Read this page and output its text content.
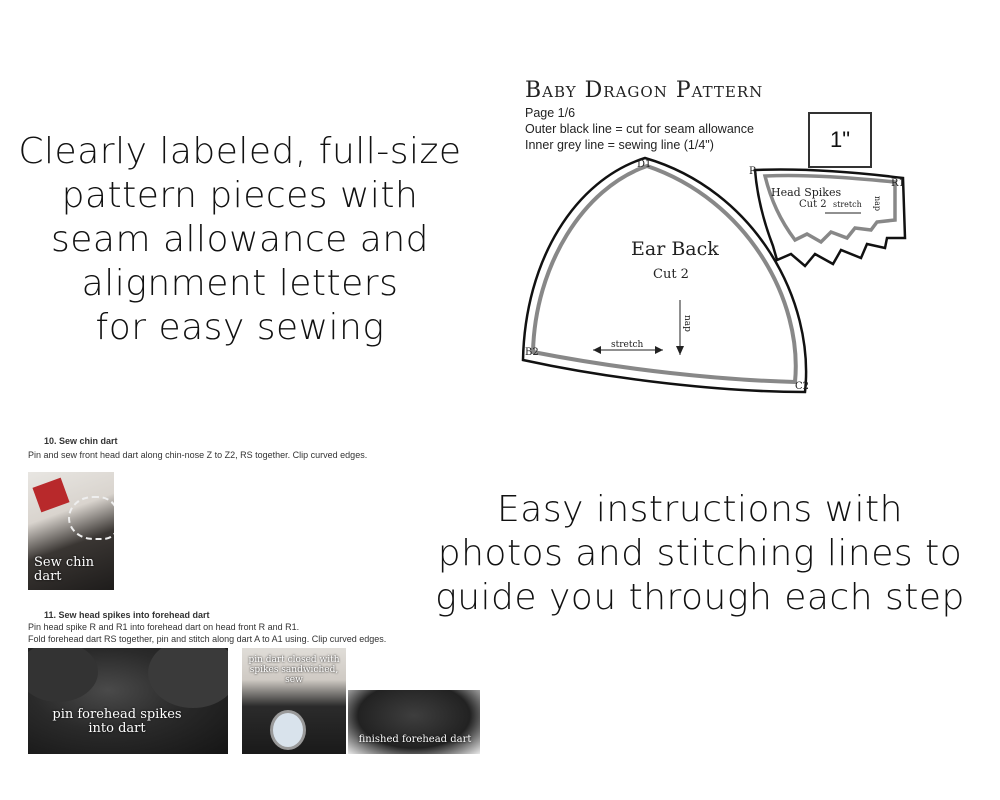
Clearly labeled, full-size
pattern pieces with
seam allowance and
alignment letters
for easy sewing
Baby Dragon Pattern
Page 1/6
Outer black line = cut for seam allowance
Inner grey line = sewing line (1/4")	1"
Ear Back
Cut 2
stretch
nap
D1
B2
C2
Head Spikes
Cut 2 stretch nap
R
R1
10. Sew chin dart
Pin and sew front head dart along chin-nose Z to Z2, RS together. Clip curved edges.
Sew chin dart
11. Sew head spikes into forehead dart
Pin head spike R and R1 into forehead dart on head front R and R1.
Fold forehead dart RS together, pin and stitch along dart A to A1 using. Clip curved edges.
pin forehead spikes into dart
pin dart closed with spikes sandwiched, sew
finished forehead dart
Easy instructions with
photos and stitching lines to
guide you through each step
